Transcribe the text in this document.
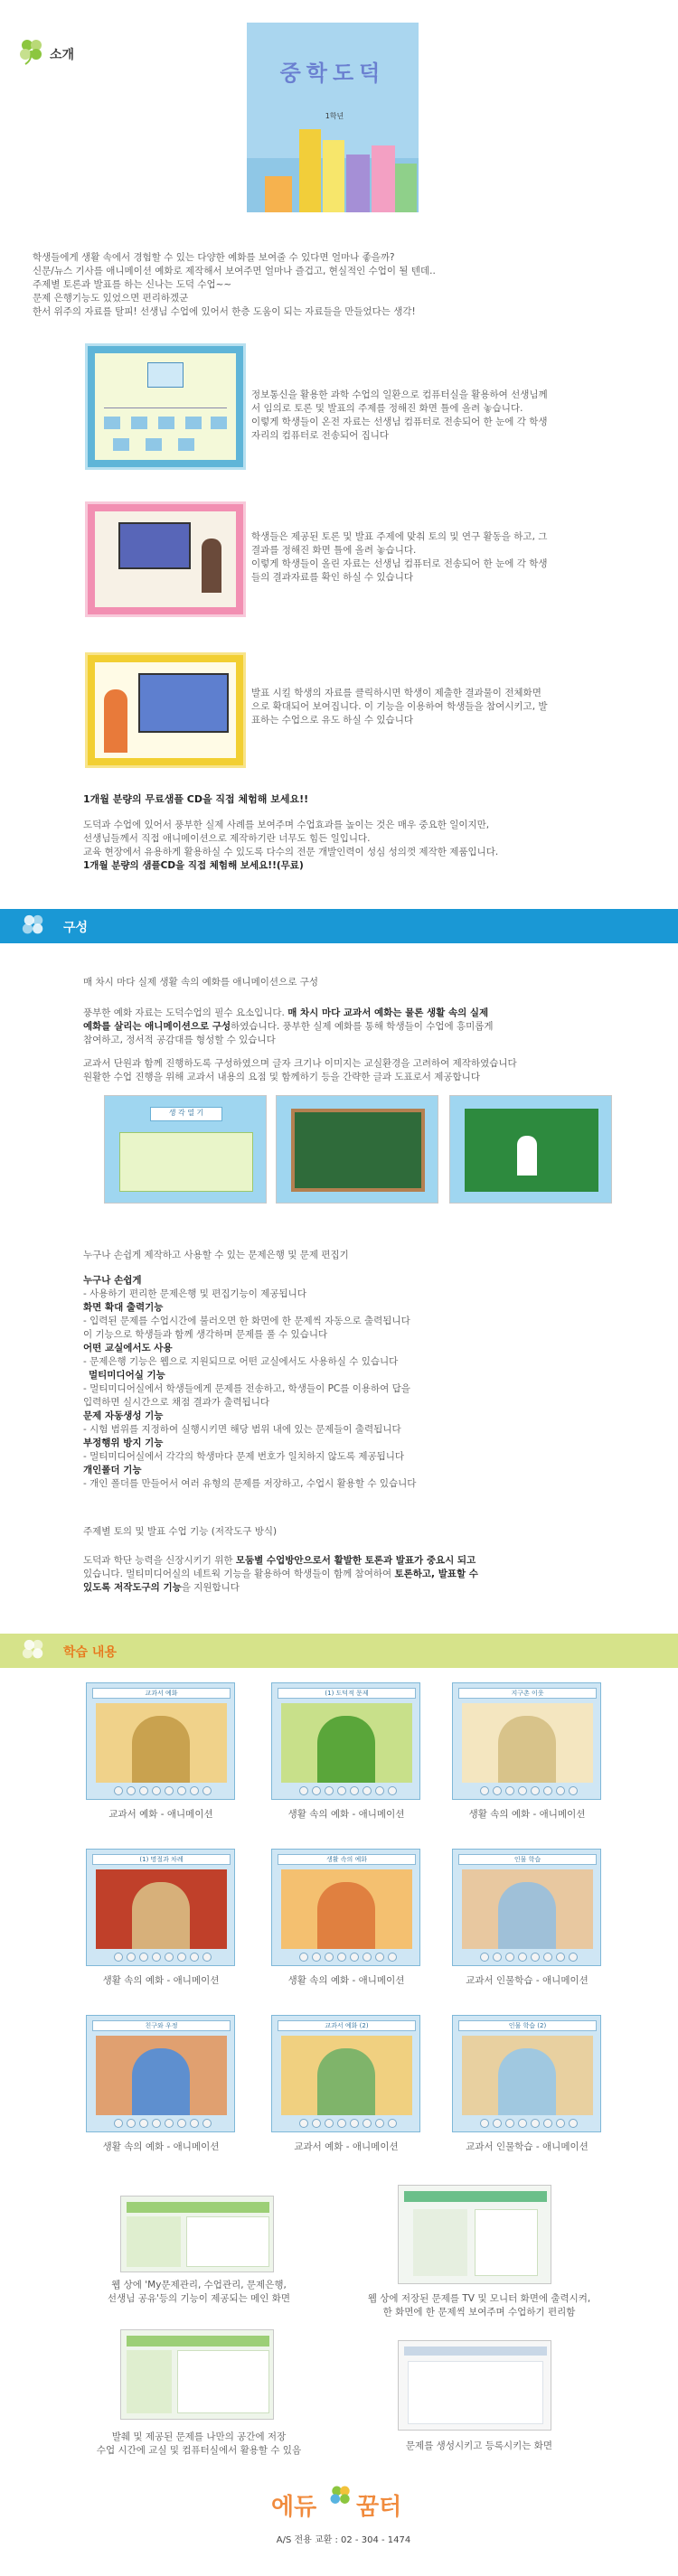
소개
중학도덕
1학년
학생들에게 생활 속에서 경험할 수 있는 다양한 예화를 보여줄 수 있다면 얼마나 좋을까?
신문/뉴스 기사를 애니메이션 예화로 제작해서 보여주면 얼마나 즐겁고, 현실적인 수업이 될 텐데..
주제별 토론과 발표를 하는 신나는 도덕 수업~~
문제 은행기능도 있었으면 편리하겠군
한서 위주의 자료를 탈피! 선생님 수업에 있어서 한층 도움이 되는 자료들을 만들었다는 생각!
정보통신을 활용한 과학 수업의 일환으로 컴퓨터실을 활용하여 선생님께
서 임의로 토론 및 발표의 주제를 정해진 화면 틀에 올려 놓습니다.
이렇게 학생들이 온전 자료는 선생님 컴퓨터로 전송되어 한 눈에 각 학생
자리의 컴퓨터로 전송되어 집니다
학생들은 제공된 토론 및 발표 주제에 맞춰 토의 및 연구 활동을 하고, 그
결과를 정해진 화면 틀에 올려 놓습니다.
이렇게 학생들이 올린 자료는 선생님 컴퓨터로 전송되어 한 눈에 각 학생
들의 결과자료를 확인 하실 수 있습니다
발표 시킬 학생의 자료를 클릭하시면 학생이 제출한 결과물이 전체화면
으로 확대되어 보여집니다. 이 기능을 이용하여 학생들을 참여시키고, 발
표하는 수업으로 유도 하실 수 있습니다
1개월 분량의 무료샘플 CD을 직접 체험해 보세요!!
도덕과 수업에 있어서 풍부한 실제 사례를 보여주며 수업효과를 높이는 것은 매우 중요한 일이지만,
선생님들께서 직접 애니메이션으로 제작하기란 너무도 힘든 일입니다.
교육 현장에서 유용하게 활용하실 수 있도록 다수의 전문 개발인력이 성심 성의껏 제작한 제품입니다.
1개월 분량의 샘플CD을 직접 체험해 보세요!!(무료)
구성
매 차시 마다 실제 생활 속의 예화를 애니메이션으로 구성
풍부한 예화 자료는 도덕수업의 필수 요소입니다. 매 차시 마다 교과서 예화는 물론 생활 속의 실제
예화를 살리는 애니메이션으로 구성하였습니다. 풍부한 실제 예화를 통해 학생들이 수업에 흥미롭게
참여하고, 정서적 공감대를 형성할 수 있습니다
교과서 단원과 함께 진행하도록 구성하였으며 글자 크기나 이미지는 교실환경을 고려하여 제작하였습니다
원활한 수업 진행을 위해 교과서 내용의 요점 및 함께하기 등을 간략한 글과 도표로서 제공합니다
생 각 열 기
누구나 손쉽게 제작하고 사용할 수 있는 문제은행 및 문제 편집기
누구나 손쉽게
- 사용하기 편리한 문제은행 및 편집기능이 제공됩니다
화면 확대 출력기능
- 입력된 문제를 수업시간에 불러오면 한 화면에 한 문제씩 자동으로 출력됩니다
이 기능으로 학생들과 함께 생각하며 문제를 풀 수 있습니다
어떤 교실에서도 사용
- 문제은행 기능은 웹으로 지원되므로 어떤 교실에서도 사용하실 수 있습니다
멀티미디어실 기능
- 멀티미디어실에서 학생들에게 문제를 전송하고, 학생들이 PC를 이용하여 답을
입력하면 실시간으로 채점 결과가 출력됩니다
문제 자동생성 기능
- 시험 범위를 지정하여 실행시키면 해당 범위 내에 있는 문제들이 출력됩니다
부정행위 방지 기능
- 멀티미디어실에서 각각의 학생마다 문제 번호가 일치하지 않도록 제공됩니다
개인폴더 기능
- 개인 폴더를 만들어서 여러 유형의 문제를 저장하고, 수업시 활용할 수 있습니다
주제별 토의 및 발표 수업 기능 (저작도구 방식)
도덕과 학단 능력을 신장시키기 위한 모둠별 수업방안으로서 활발한 토론과 발표가 중요시 되고
있습니다. 멀티미디어실의 네트웍 기능을 활용하여 학생들이 함께 참여하여 토론하고, 발표할 수
있도록 저작도구의 기능을 지원합니다
학습 내용
교과서 예화
교과서 예화 - 애니메이션
(1) 도덕적 문제
생활 속의 예화 - 애니메이션
지구촌 이웃
생활 속의 예화 - 애니메이션
(1) 명절과 차례
생활 속의 예화 - 애니메이션
생활 속의 예화
생활 속의 예화 - 애니메이션
인물 학습
교과서 인물학습 - 애니메이션
친구와 우정
생활 속의 예화 - 애니메이션
교과서 예화 (2)
교과서 예화 - 애니메이션
인물 학습 (2)
교과서 인물학습 - 애니메이션
웹 상에 'My문제관리, 수업관리, 문제은행,
선생님 공유'등의 기능이 제공되는 메인 화면	웹 상에 저장된 문제를 TV 및 모니터 화면에 출력시켜,
한 화면에 한 문제씩 보여주며 수업하기 편리함
발췌 및 제공된 문제를 나만의 공간에 저장
수업 시간에 교실 및 컴퓨터실에서 활용할 수 있음	문제를 생성시키고 등록시키는 화면
에듀 꿈터
A/S 전용 교환 : 02 - 304 - 1474
